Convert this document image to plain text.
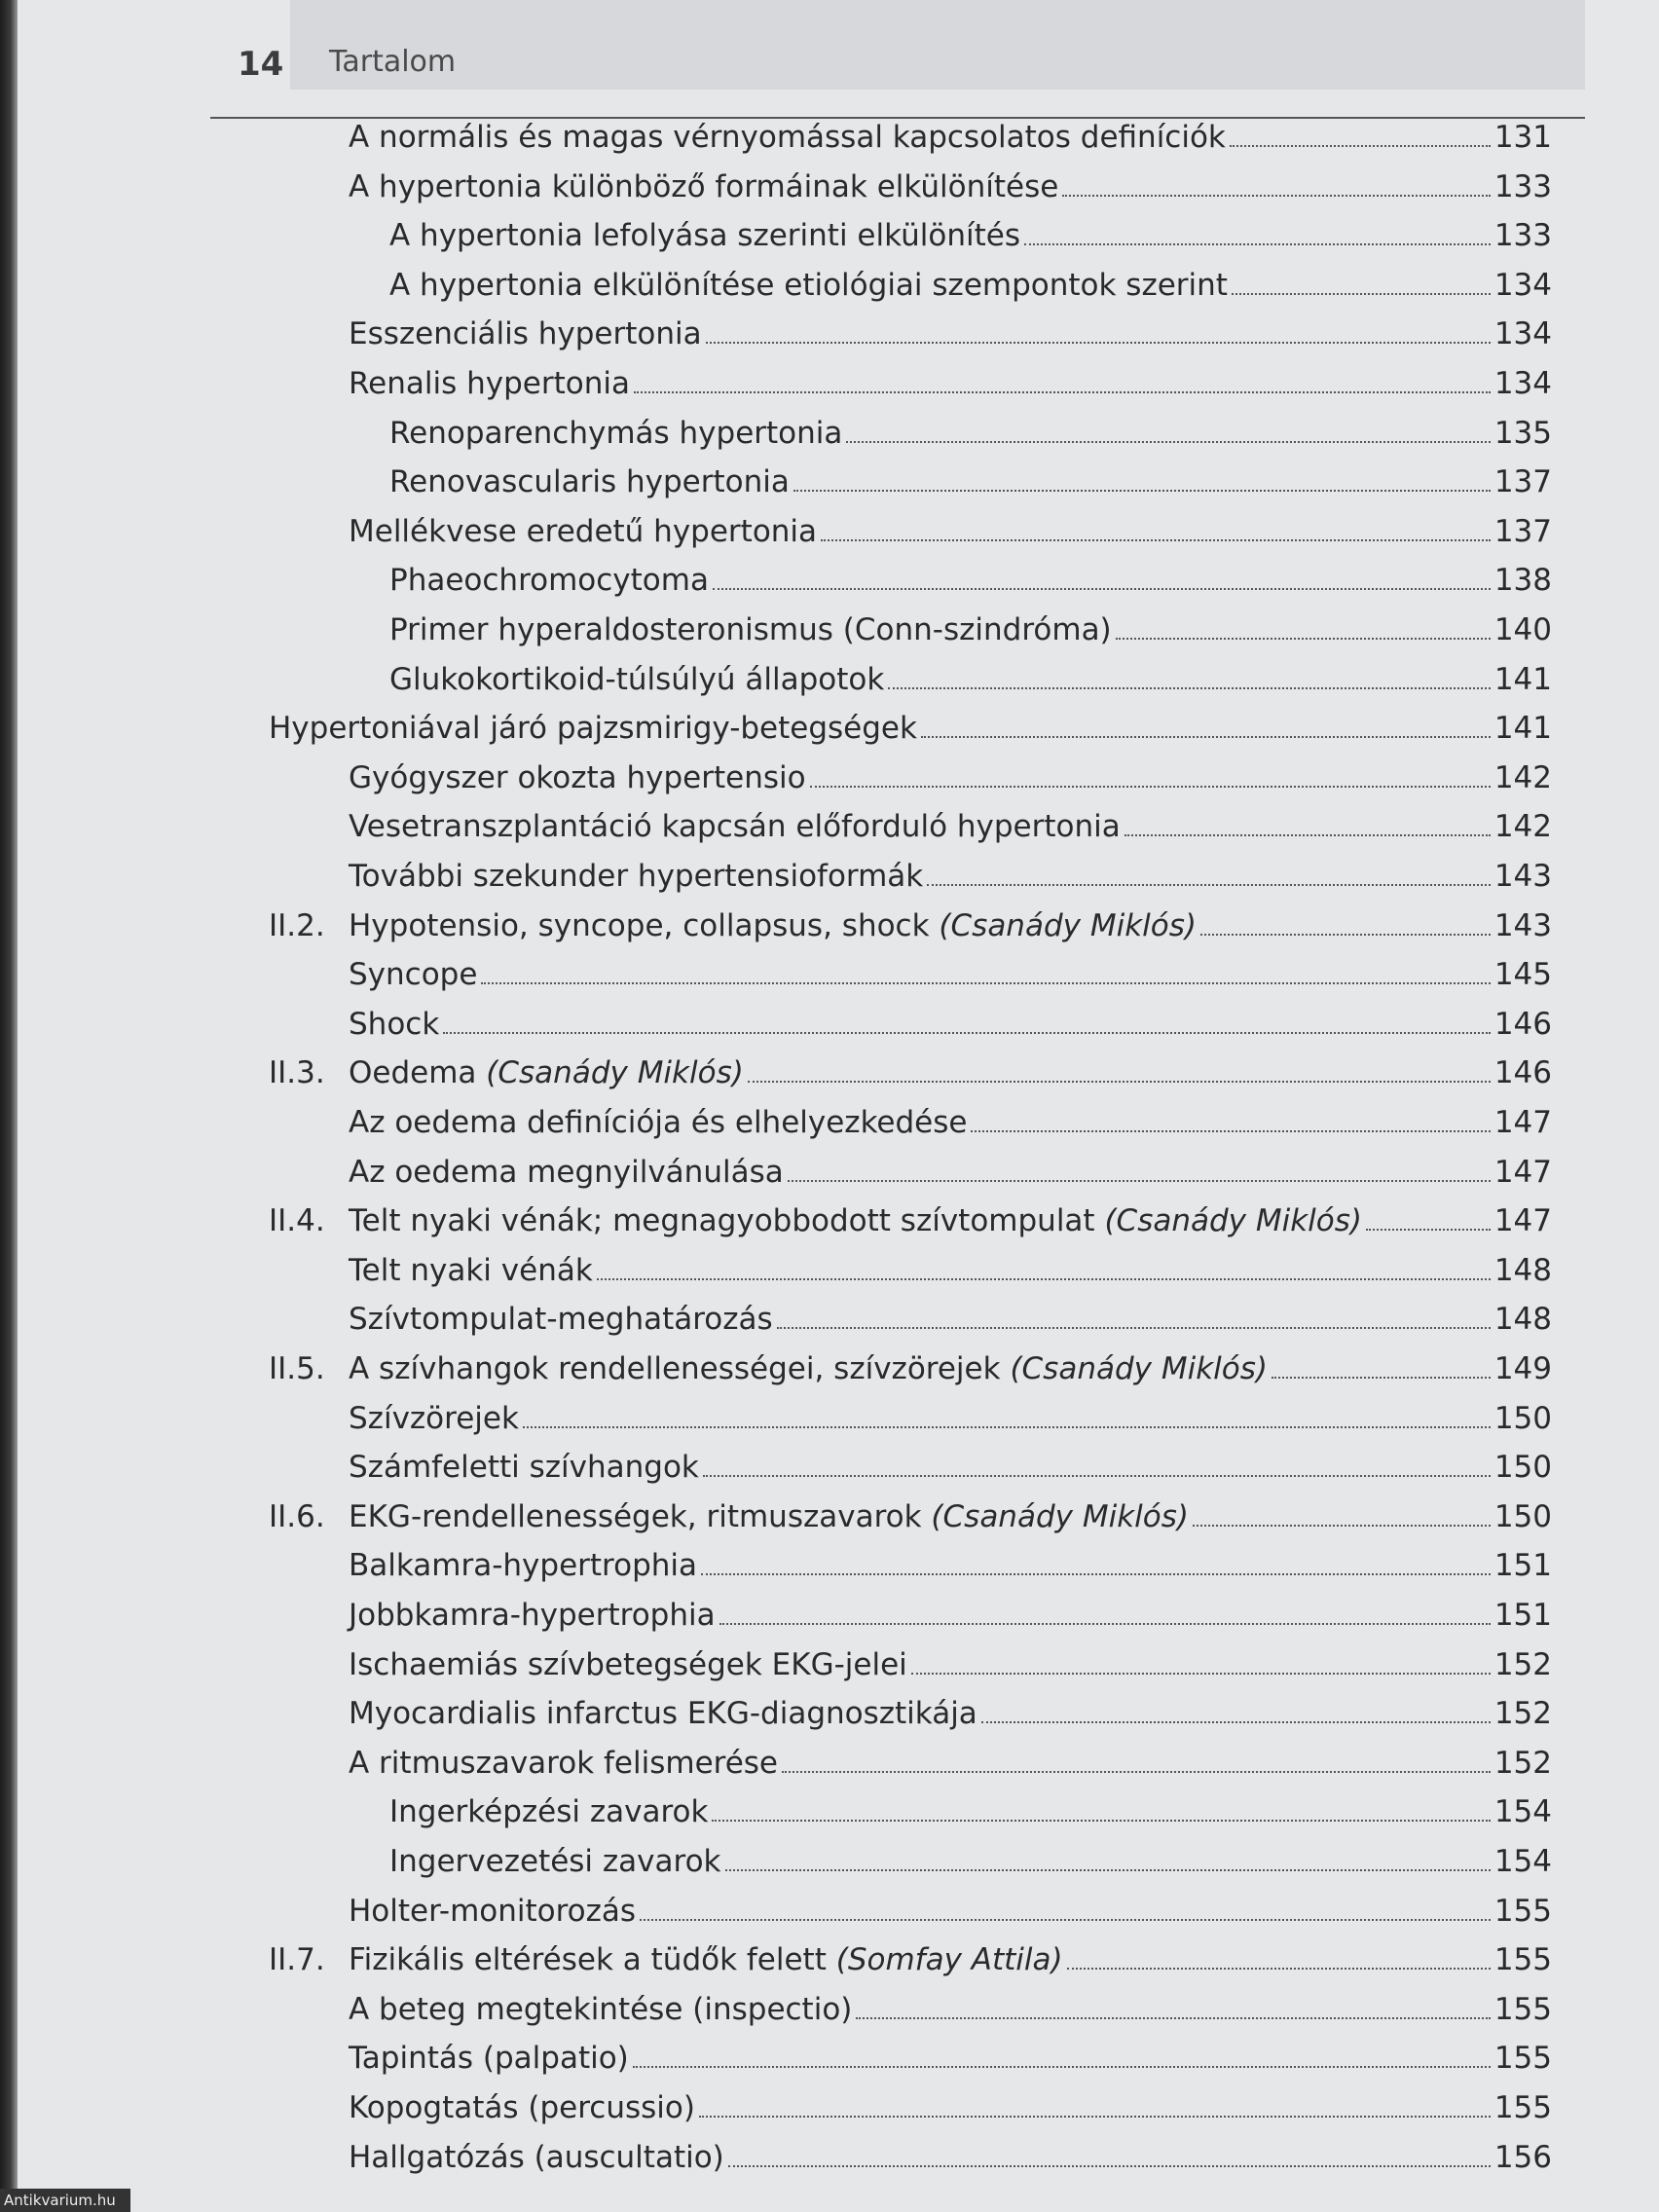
14 Tartalom
A normális és magas vérnyomással kapcsolatos definíciók	131
A hypertonia különböző formáinak elkülönítése	133
A hypertonia lefolyása szerinti elkülönítés	133
A hypertonia elkülönítése etiológiai szempontok szerint	134
Esszenciális hypertonia	134
Renalis hypertonia	134
Renoparenchymás hypertonia	135
Renovascularis hypertonia	137
Mellékvese eredetű hypertonia	137
Phaeochromocytoma	138
Primer hyperaldosteronismus (Conn-szindróma)	140
Glukokortikoid-túlsúlyú állapotok	141
Hypertoniával járó pajzsmirigy-betegségek	141
Gyógyszer okozta hypertensio	142
Vesetranszplantáció kapcsán előforduló hypertonia	142
További szekunder hypertensioformák	143
II.2. Hypotensio, syncope, collapsus, shock (Csanády Miklós)	143
Syncope	145
Shock	146
II.3. Oedema (Csanády Miklós)	146
Az oedema definíciója és elhelyezkedése	147
Az oedema megnyilvánulása	147
II.4. Telt nyaki vénák; megnagyobbodott szívtompulat (Csanády Miklós)	147
Telt nyaki vénák	148
Szívtompulat-meghatározás	148
II.5. A szívhangok rendellenességei, szívzörejek (Csanády Miklós)	149
Szívzörejek	150
Számfeletti szívhangok	150
II.6. EKG-rendellenességek, ritmuszavarok (Csanády Miklós)	150
Balkamra-hypertrophia	151
Jobbkamra-hypertrophia	151
Ischaemiás szívbetegségek EKG-jelei	152
Myocardialis infarctus EKG-diagnosztikája	152
A ritmuszavarok felismerése	152
Ingerképzési zavarok	154
Ingervezetési zavarok	154
Holter-monitorozás	155
II.7. Fizikális eltérések a tüdők felett (Somfay Attila)	155
A beteg megtekintése (inspectio)	155
Tapintás (palpatio)	155
Kopogtatás (percussio)	155
Hallgatózás (auscultatio)	156
Antikvarium.hu
